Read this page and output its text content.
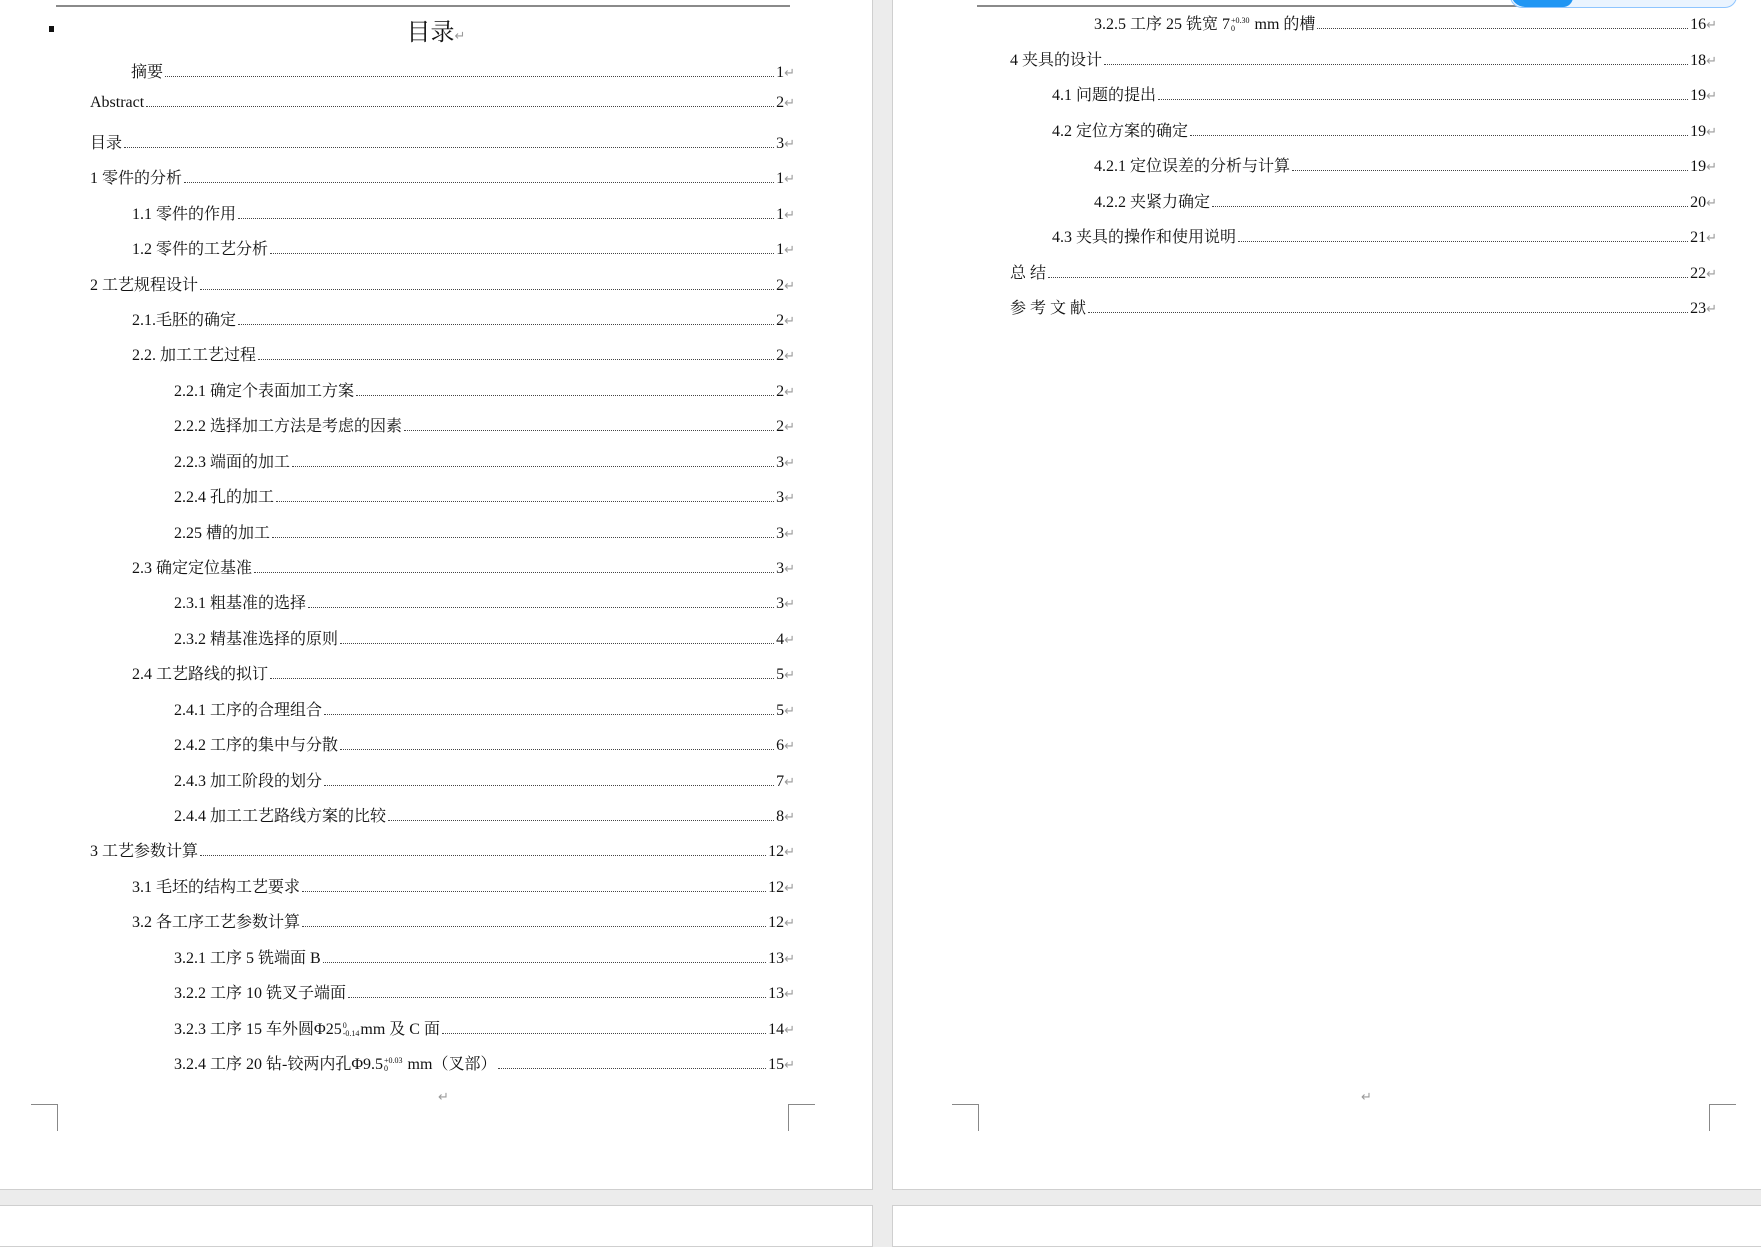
目录↵
摘要	1 ↵
Abstract	2 ↵
目录	3 ↵
1 零件的分析	1 ↵
1.1 零件的作用	1 ↵
1.2 零件的工艺分析	1 ↵
2 工艺规程设计	2 ↵
2.1.毛胚的确定	2 ↵
2.2. 加工工艺过程	2 ↵
2.2.1 确定个表面加工方案	2 ↵
2.2.2 选择加工方法是考虑的因素	2 ↵
2.2.3 端面的加工	3 ↵
2.2.4 孔的加工	3 ↵
2.25 槽的加工	3 ↵
2.3 确定定位基准	3 ↵
2.3.1 粗基准的选择	3 ↵
2.3.2 精基准选择的原则	4 ↵
2.4 工艺路线的拟订	5 ↵
2.4.1 工序的合理组合	5 ↵
2.4.2 工序的集中与分散	6 ↵
2.4.3 加工阶段的划分	7 ↵
2.4.4 加工工艺路线方案的比较	8 ↵
3 工艺参数计算	12 ↵
3.1 毛坯的结构工艺要求	12 ↵
3.2 各工序工艺参数计算	12 ↵
3.2.1 工序 5 铣端面 B	13 ↵
3.2.2 工序 10 铣叉子端面	13 ↵
3.2.3 工序 15 车外圆Φ25 0
-0.14 mm 及 C 面	14 ↵
3.2.4 工序 20 钻-铰两内孔Φ9.5 +0.03
0 mm（叉部）	15 ↵
↵
3.2.5 工序 25 铣宽 7 +0.30
0 mm 的槽	16 ↵
4 夹具的设计	18 ↵
4.1 问题的提出	19 ↵
4.2 定位方案的确定	19 ↵
4.2.1 定位误差的分析与计算	19 ↵
4.2.2 夹紧力确定	20 ↵
4.3 夹具的操作和使用说明	21 ↵
总 结	22 ↵
参 考 文 献	23 ↵
↵
